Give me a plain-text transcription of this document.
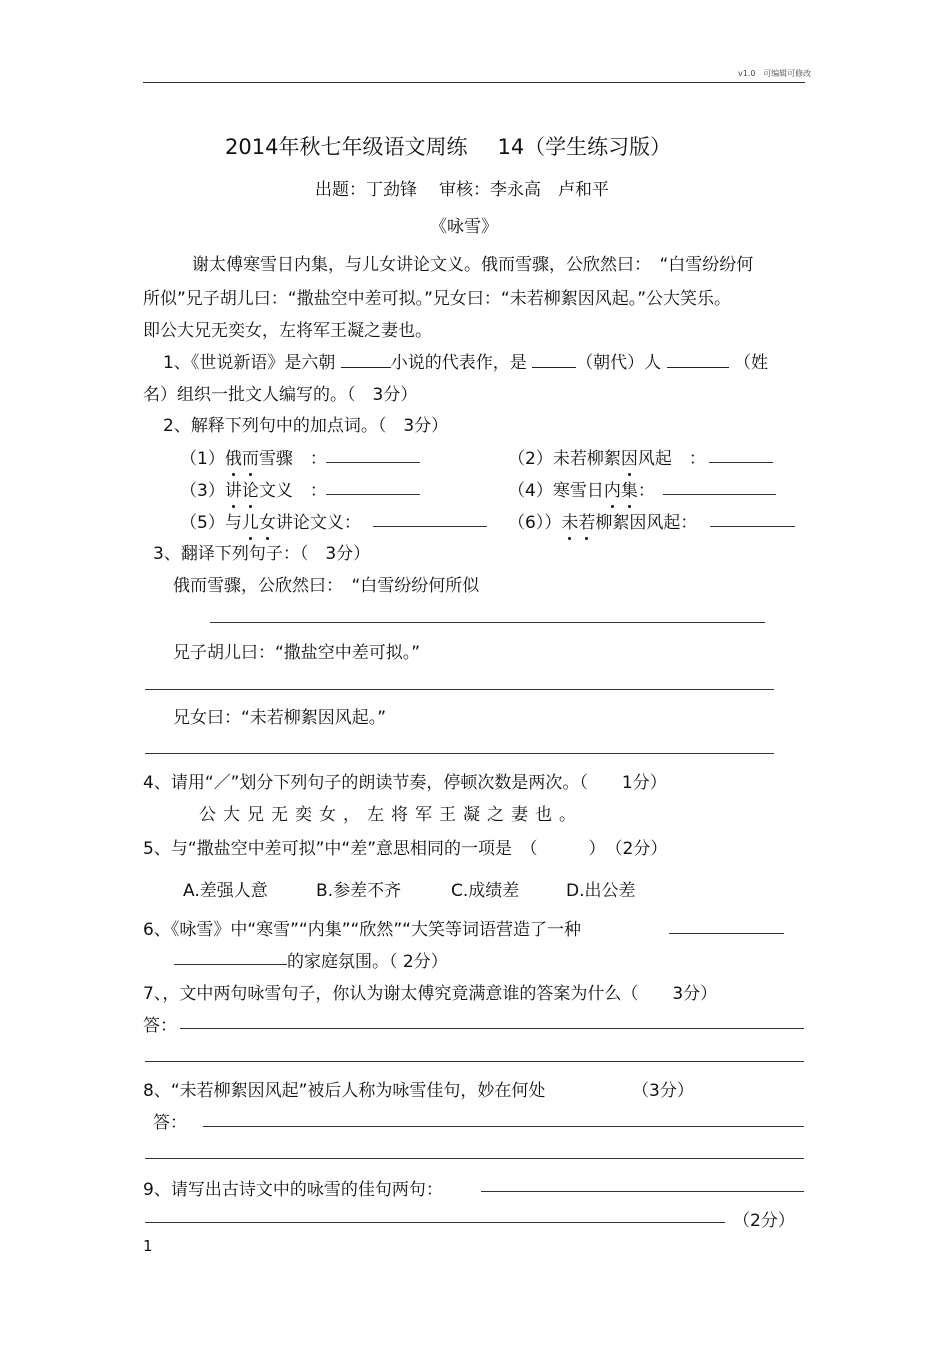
v1.0 可编辑可修改
2014年秋七年级语文周练 14（学生练习版）
出题：丁劲锋 审核：李永高　卢和平
《咏雪》
谢太傅寒雪日内集，与儿女讲论文义。俄而雪骤，公欣然曰：　“白雪纷纷何
所似”兄子胡儿曰：“撒盐空中差可拟。”兄女曰：“未若柳絮因风起。”公大笑乐。
即公大兄无奕女，左将军王凝之妻也。
1、《世说新语》是六朝	小说的代表作，是	（朝代）人	（姓
名）组织一批文人编写的。（　3分）
2、解释下列句中的加点词。（　3分）
（1）俄而雪骤　：	（2）未若柳絮因风起　：
（3）讲论文义　：	（4）寒雪日内集：
（5）与儿女讲论文义：	（6））未若柳絮因风起：
3、翻译下列句子：（　3分）
俄而雪骤，公欣然曰：　“白雪纷纷何所似
兄子胡儿曰：“撒盐空中差可拟。”
兄女曰：“未若柳絮因风起。”
4、请用“／”划分下列句子的朗读节奏，停顿次数是两次。（　　1分）
公大兄无奕女，左将军王凝之妻也。
5、与“撒盐空中差可拟”中“差”意思相同的一项是　（　　　）　（2分）
A.差强人意	B.参差不齐	C.成绩差	D.出公差
6、《咏雪》中“寒雪”“内集”“欣然”“大笑等词语营造了一种
的家庭氛围。（ 2分）
7、，文中两句咏雪句子，你认为谢太傅究竟满意谁的答案为什么（　　3分）
答：
8、“未若柳絮因风起”被后人称为咏雪佳句，妙在何处	（3分）
答：
9、请写出古诗文中的咏雪的佳句两句：
（2分）
1
